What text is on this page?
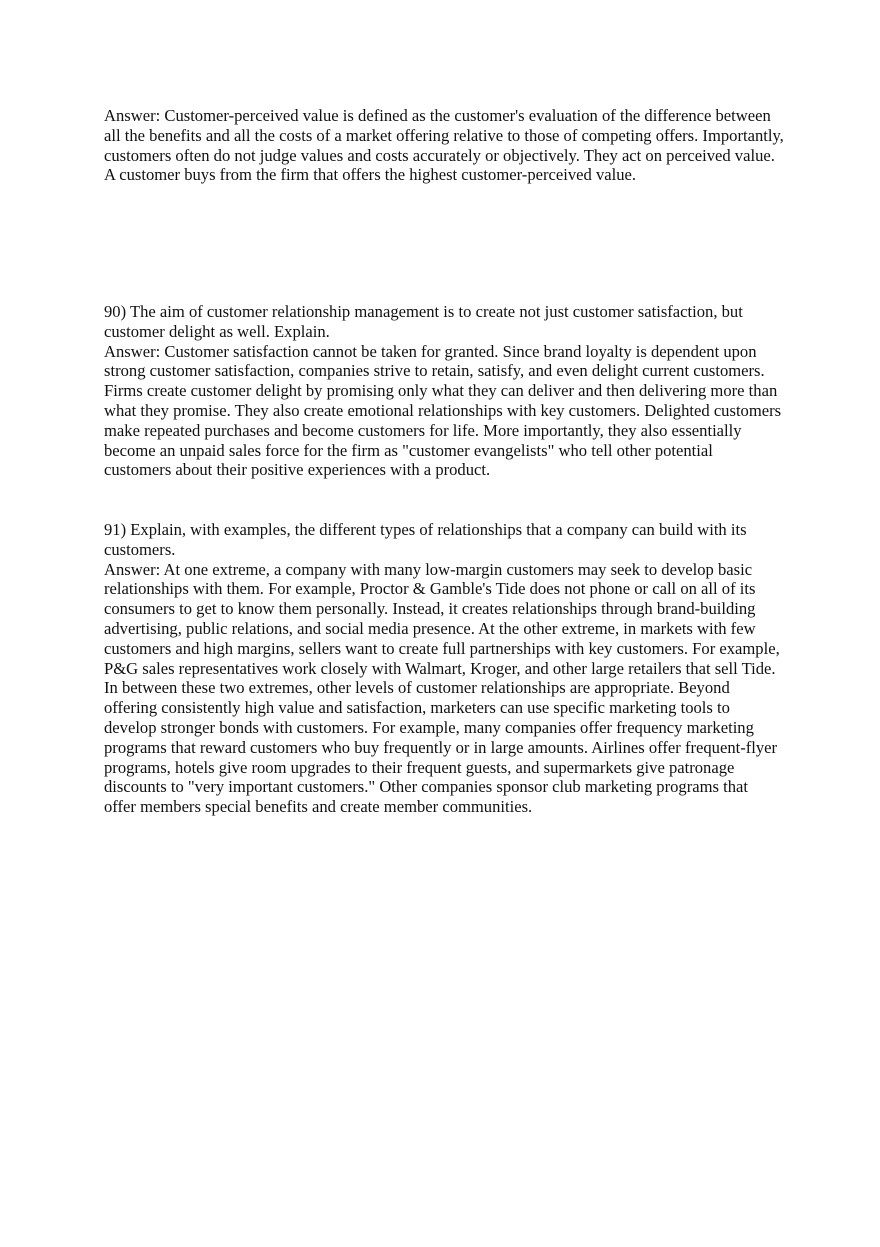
Answer: Customer-perceived value is defined as the customer's evaluation of the difference between all the benefits and all the costs of a market offering relative to those of competing offers. Importantly, customers often do not judge values and costs accurately or objectively. They act on perceived value. A customer buys from the firm that offers the highest customer-perceived value.

90) The aim of customer relationship management is to create not just customer satisfaction, but customer delight as well. Explain.

Answer: Customer satisfaction cannot be taken for granted. Since brand loyalty is dependent upon strong customer satisfaction, companies strive to retain, satisfy, and even delight current customers. Firms create customer delight by promising only what they can deliver and then delivering more than what they promise. They also create emotional relationships with key customers. Delighted customers make repeated purchases and become customers for life. More importantly, they also essentially become an unpaid sales force for the firm as "customer evangelists" who tell other potential customers about their positive experiences with a product.

91) Explain, with examples, the different types of relationships that a company can build with its customers.

Answer: At one extreme, a company with many low-margin customers may seek to develop basic relationships with them. For example, Proctor & Gamble's Tide does not phone or call on all of its consumers to get to know them personally. Instead, it creates relationships through brand-building advertising, public relations, and social media presence. At the other extreme, in markets with few customers and high margins, sellers want to create full partnerships with key customers. For example, P&G sales representatives work closely with Walmart, Kroger, and other large retailers that sell Tide. In between these two extremes, other levels of customer relationships are appropriate. Beyond offering consistently high value and satisfaction, marketers can use specific marketing tools to develop stronger bonds with customers. For example, many companies offer frequency marketing programs that reward customers who buy frequently or in large amounts. Airlines offer frequent-flyer programs, hotels give room upgrades to their frequent guests, and supermarkets give patronage discounts to "very important customers." Other companies sponsor club marketing programs that offer members special benefits and create member communities.
